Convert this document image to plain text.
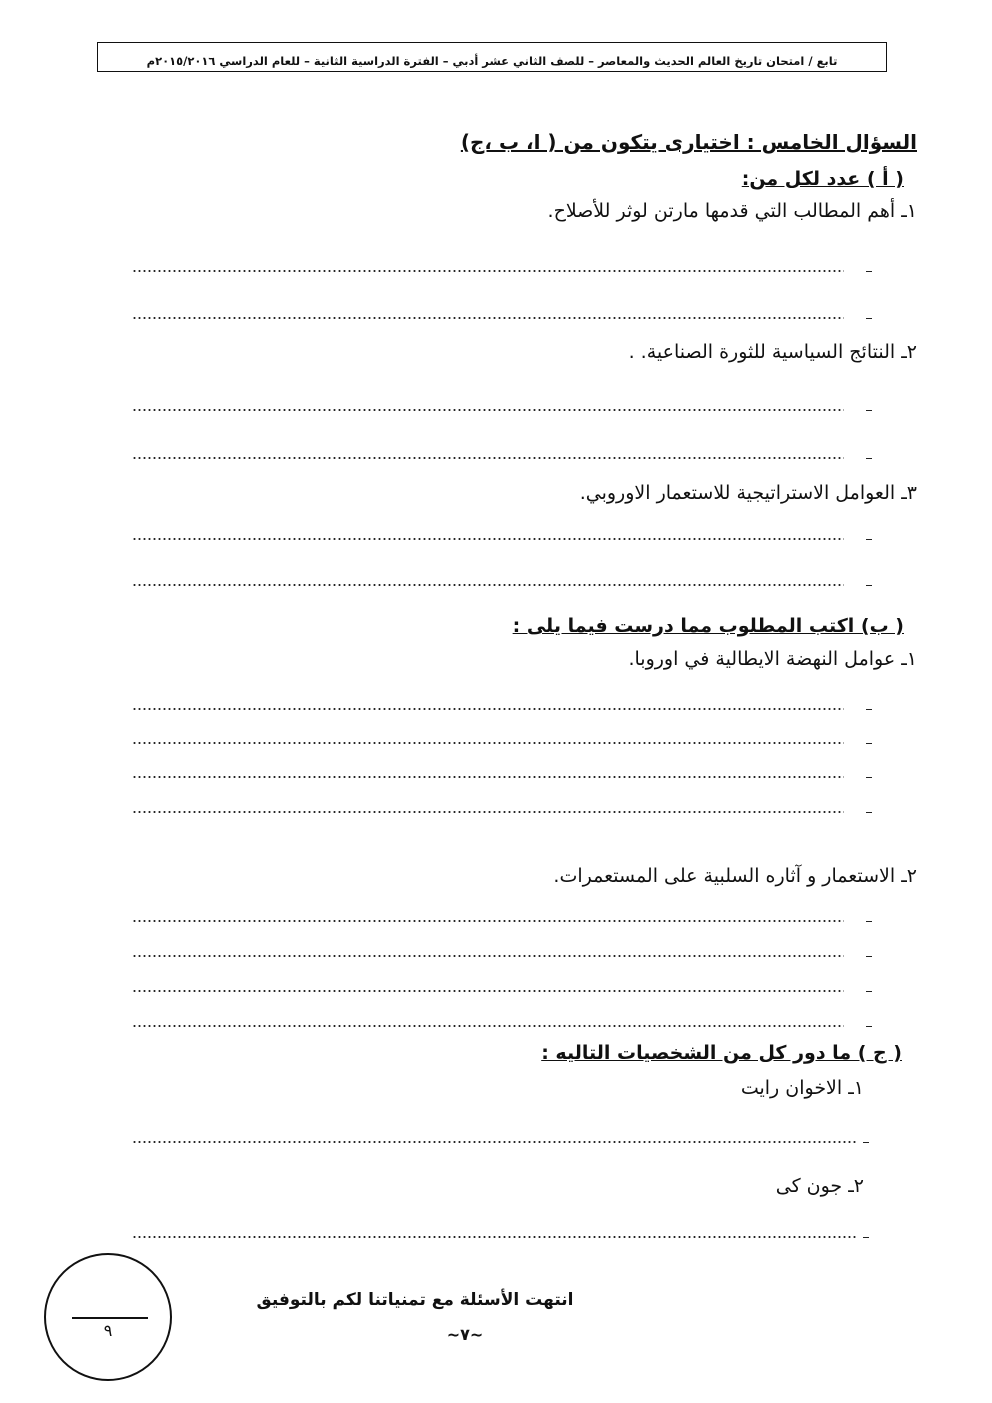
تابع / امتحان تاريخ العالم الحديث والمعاصر – للصف الثاني عشر أدبي – الفترة الدراسية الثانية – للعام الدراسي ٢٠١٥/٢٠١٦م
السؤال الخامس : اختيارى يتكون من ( ا، ب ،ج)
( أ ) عدد لكل من:
١ـ أهم المطالب التي قدمها مارتن لوثر للأصلاح.
٢ـ النتائج السياسية للثورة الصناعية. .
٣ـ العوامل الاستراتيجية للاستعمار الاوروبي.
( ب) اكتب المطلوب مما درست فيما يلى :
١ـ عوامل النهضة الايطالية في اوروبا.
٢ـ الاستعمار و آثاره السلبية على المستعمرات.
( ج ) ما دور كل من الشخصيات التاليه :
١ـ الاخوان رايت
٢ـ جون كى
٩
انتهت الأسئلة مع تمنياتنا لكم بالتوفيق
~٧~
